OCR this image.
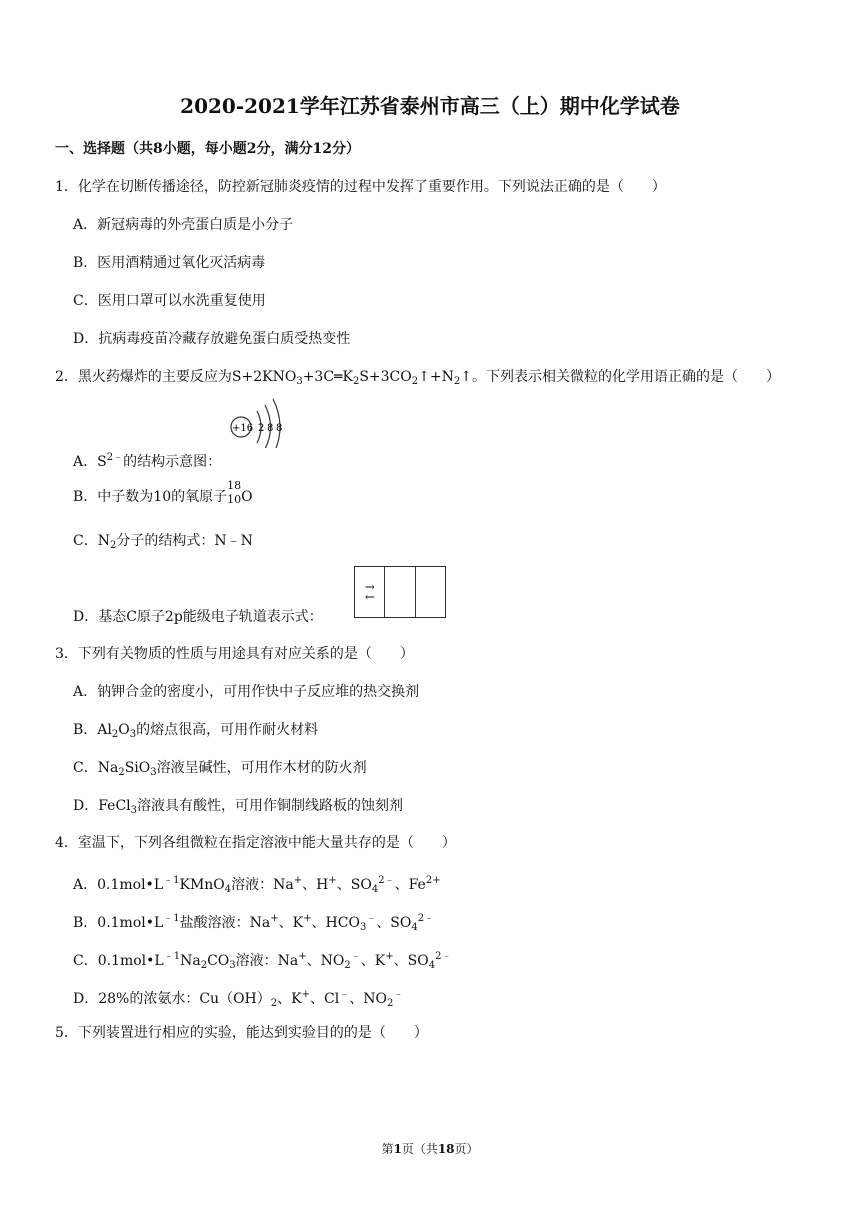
2020-2021学年江苏省泰州市高三（上）期中化学试卷
一、选择题（共8小题，每小题2分，满分12分）
1．化学在切断传播途径，防控新冠肺炎疫情的过程中发挥了重要作用。下列说法正确的是（　　）
A．新冠病毒的外壳蛋白质是小分子
B．医用酒精通过氧化灭活病毒
C．医用口罩可以水洗重复使用
D．抗病毒疫苗冷藏存放避免蛋白质受热变性
2．黑火药爆炸的主要反应为$S+2KNO_3+3C═K_2S+3CO_2↑+N_2↑$。下列表示相关微粒的化学用语正确的是（　　）
+16 2 8 8
A．$S^{2﹣}$的结构示意图：
B．中子数为10的氧原子
18
10 O
C．$N_2$分子的结构式：N﹣N
↑↓
D．基态C原子2p能级电子轨道表示式：
3．下列有关物质的性质与用途具有对应关系的是（　　）
A．钠钾合金的密度小，可用作快中子反应堆的热交换剂
B．$Al_2O_3$的熔点很高，可用作耐火材料
C．$Na_2SiO_3$溶液呈碱性，可用作木材的防火剂
D．FeCl$_3$溶液具有酸性，可用作铜制线路板的蚀刻剂
4．室温下，下列各组微粒在指定溶液中能大量共存的是（　　）
A．$0.1mol•L^{﹣1}KMnO_4$溶液：Na+、H+、$SO_4^{2﹣}$、$Fe^{2+}$
B．$0.1mol•L^{﹣1}$盐酸溶液：Na+、K+、$HCO_3^﹣$、$SO_4^{2﹣}$
C．$0.1mol•L^{﹣1}Na_2CO_3$溶液：Na+、$NO_2^﹣$、K+、$SO_4^{2﹣}$
D．28%的浓氨水：$Cu(OH)_2$、K+、Cl﹣、$NO_2^﹣$
5．下列装置进行相应的实验，能达到实验目的的是（　　）
第1页（共18页）
